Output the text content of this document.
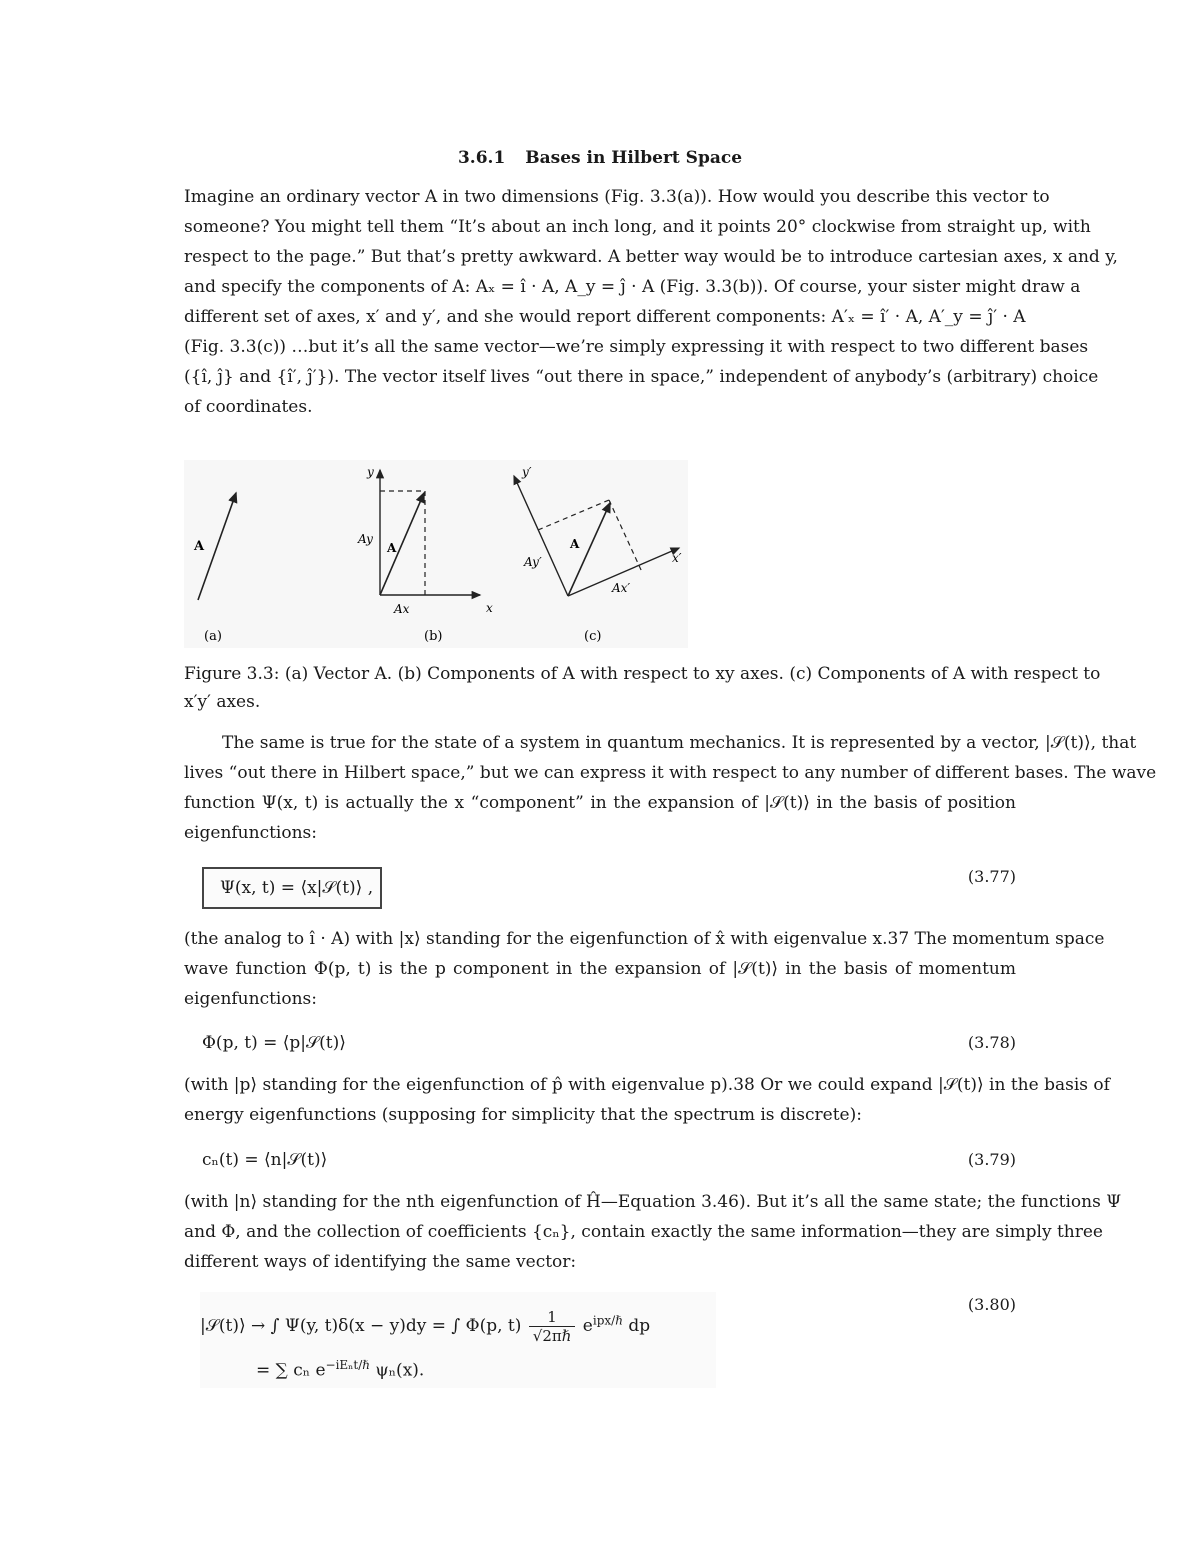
3.6.1 Bases in Hilbert Space
Imagine an ordinary vector A in two dimensions (Fig. 3.3(a)). How would you describe this vector to
someone? You might tell them “It’s about an inch long, and it points 20° clockwise from straight up, with
respect to the page.” But that’s pretty awkward. A better way would be to introduce cartesian axes, x and y,
and specify the components of A: Aₓ = î · A, A_y = ĵ · A (Fig. 3.3(b)). Of course, your sister might draw a
different set of axes, x′ and y′, and she would report different components: A′ₓ = î′ · A, A′_y = ĵ′ · A
(Fig. 3.3(c)) …but it’s all the same vector—we’re simply expressing it with respect to two different bases
({î, ĵ} and {î′, ĵ′}). The vector itself lives “out there in space,” independent of anybody’s (arbitrary) choice
of coordinates.
A
(a)
y
x
Ay
A
Ax
(b)
y′
x′
A
Ay′
Ax′
(c)
Figure 3.3: (a) Vector A. (b) Components of A with respect to xy axes. (c) Components of A with respect to
x′y′ axes.
The same is true for the state of a system in quantum mechanics. It is represented by a vector, |𝒮(t)⟩, that
lives “out there in Hilbert space,” but we can express it with respect to any number of different bases. The wave
function Ψ(x, t) is actually the x “component” in the expansion of |𝒮(t)⟩ in the basis of position
eigenfunctions:
Ψ(x, t) = ⟨x|𝒮(t)⟩ ,
(3.77)
(the analog to î · A) with |x⟩ standing for the eigenfunction of x̂ with eigenvalue x.37 The momentum space
wave function Φ(p, t) is the p component in the expansion of |𝒮(t)⟩ in the basis of momentum
eigenfunctions:
Φ(p, t) = ⟨p|𝒮(t)⟩	(3.78)
(with |p⟩ standing for the eigenfunction of p̂ with eigenvalue p).38 Or we could expand |𝒮(t)⟩ in the basis of
energy eigenfunctions (supposing for simplicity that the spectrum is discrete):
cₙ(t) = ⟨n|𝒮(t)⟩	(3.79)
(with |n⟩ standing for the nth eigenfunction of Ĥ—Equation 3.46). But it’s all the same state; the functions Ψ
and Φ, and the collection of coefficients {cₙ}, contain exactly the same information—they are simply three
different ways of identifying the same vector:
|𝒮(t)⟩ → ∫ Ψ(y, t)δ(x − y)dy = ∫ Φ(p, t)	1
√2πℏ $e^{ipx/\hbar}$ dp
= ∑ cₙ $e^{-iE_nt/\hbar}$ ψₙ(x).
(3.80)
